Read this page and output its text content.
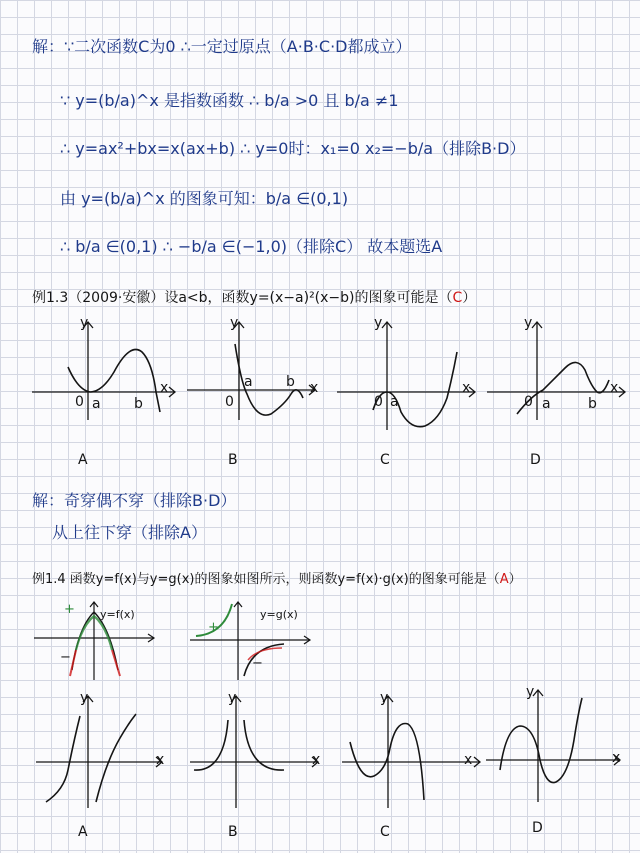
解：∵二次函数C为0 ∴一定过原点（A·B·C·D都成立）
∵ y=(b/a)^x 是指数函数 ∴ b/a >0 且 b/a ≠1
∴ y=ax²+bx=x(ax+b) ∴ y=0时：x₁=0 x₂=−b/a（排除B·D）
由 y=(b/a)^x 的图象可知：b/a ∈(0,1)
∴ b/a ∈(0,1) ∴ −b/a ∈(−1,0)（排除C） 故本题选A
例1.3（2009·安徽）设a<b，函数y=(x−a)²(x−b)的图象可能是（C）
x
y
0 a b
A
x
y
0
a b
B
x
y
0 a
C
x
y
0 a	b
D
解：奇穿偶不穿（排除B·D）
从上往下穿（排除A）
例1.4 函数y=f(x)与y=g(x)的图象如图所示，则函数y=f(x)·g(x)的图象可能是（A）
−
+ y=f(x)
+
−
y=g(x)
x
y
A
x
y
B
x
y
C
x
y
D
